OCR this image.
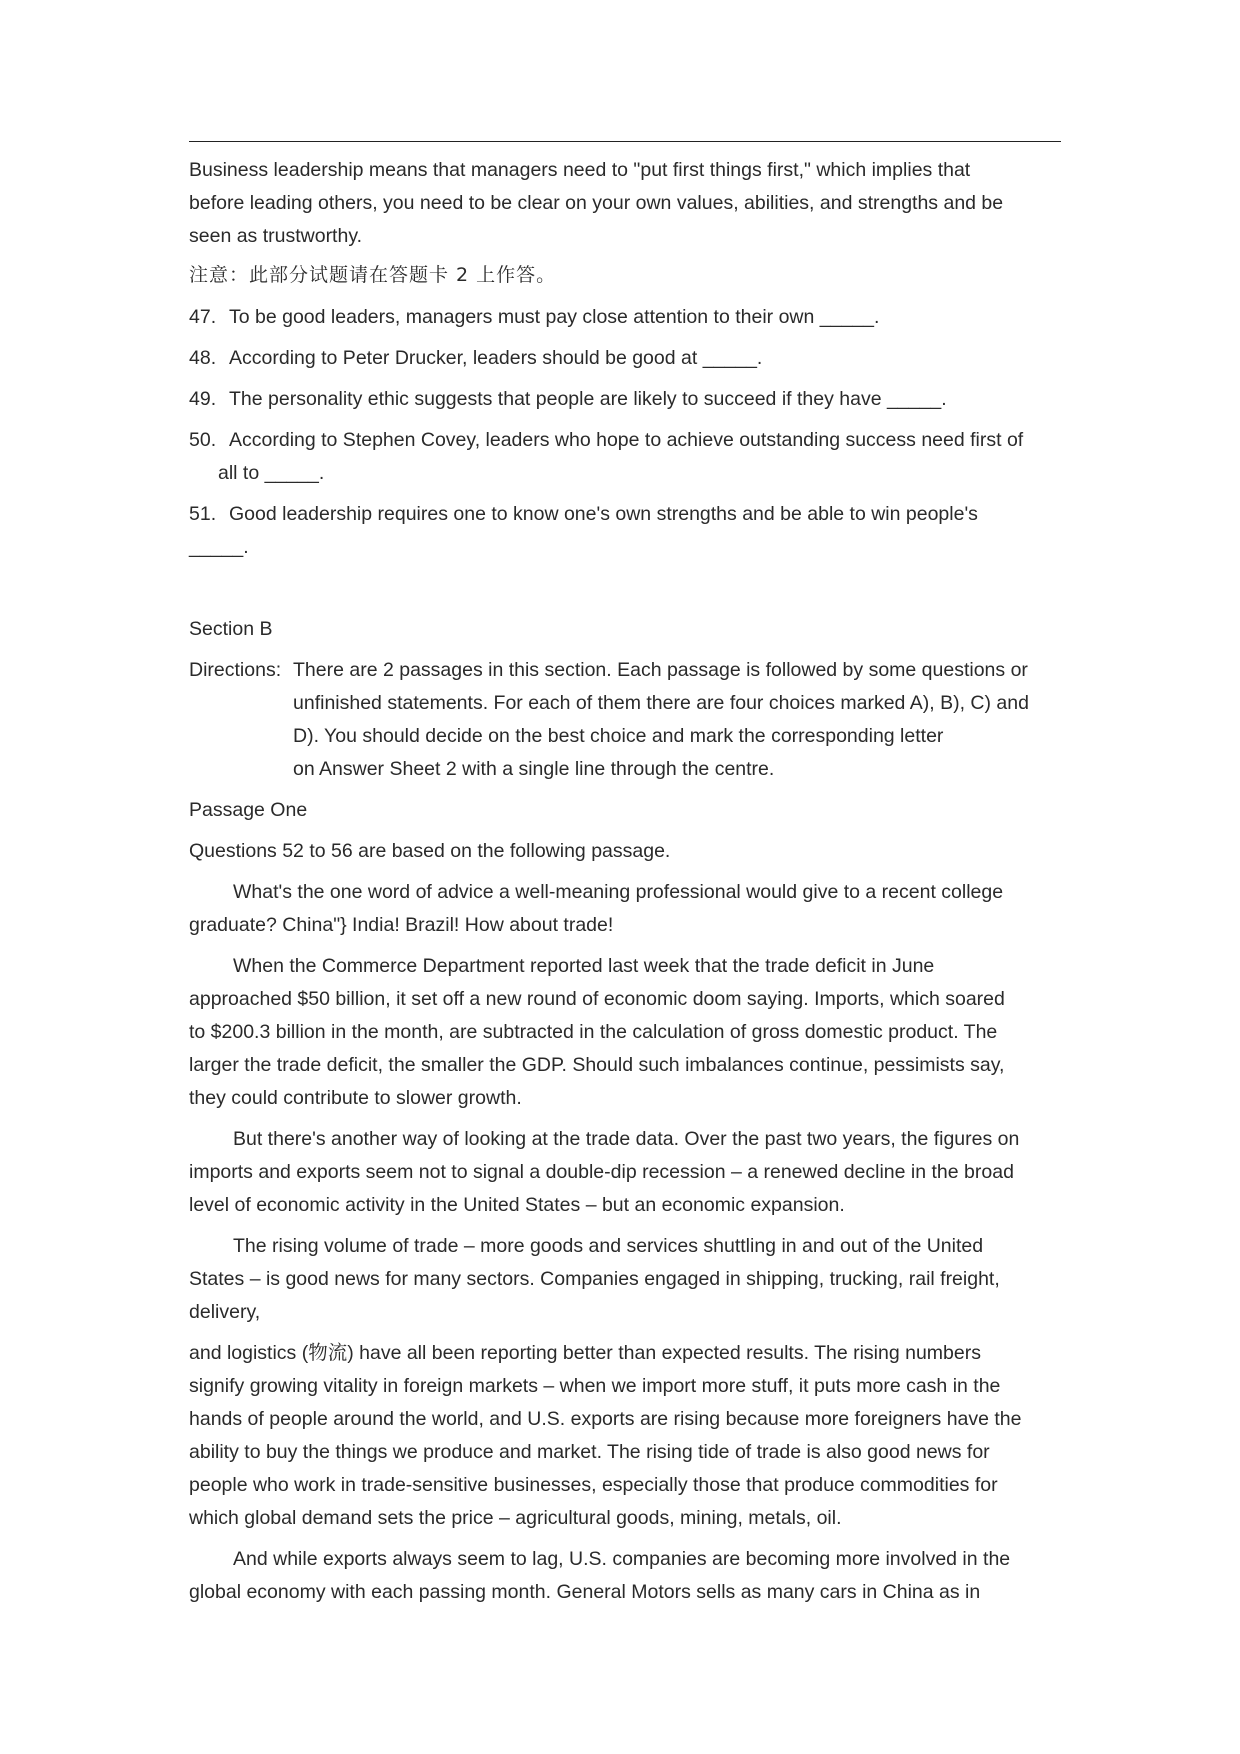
Business leadership means that managers need to "put first things first," which implies that

before leading others, you need to be clear on your own values, abilities, and strengths and be

seen as trustworthy.

注意：此部分试题请在答题卡 2 上作答。

47. To be good leaders, managers must pay close attention to their own _____.

48. According to Peter Drucker, leaders should be good at _____.

49. The personality ethic suggests that people are likely to succeed if they have _____.

50. According to Stephen Covey, leaders who hope to achieve outstanding success need first of

all to _____.

51. Good leadership requires one to know one's own strengths and be able to win people's

_____.

Section B

Directions: There are 2 passages in this section. Each passage is followed by some questions or

unfinished statements. For each of them there are four choices marked A), B), C) and

D). You should decide on the best choice and mark the corresponding letter

on Answer Sheet 2 with a single line through the centre.

Passage One

Questions 52 to 56 are based on the following passage.

What's the one word of advice a well-meaning professional would give to a recent college

graduate? China"} India! Brazil! How about trade!

When the Commerce Department reported last week that the trade deficit in June

approached $50 billion, it set off a new round of economic doom saying. Imports, which soared

to $200.3 billion in the month, are subtracted in the calculation of gross domestic product. The

larger the trade deficit, the smaller the GDP. Should such imbalances continue, pessimists say,

they could contribute to slower growth.

But there's another way of looking at the trade data. Over the past two years, the figures on

imports and exports seem not to signal a double-dip recession – a renewed decline in the broad

level of economic activity in the United States – but an economic expansion.

The rising volume of trade – more goods and services shuttling in and out of the United

States – is good news for many sectors. Companies engaged in shipping, trucking, rail freight,

delivery,

and logistics (物流) have all been reporting better than expected results. The rising numbers

signify growing vitality in foreign markets – when we import more stuff, it puts more cash in the

hands of people around the world, and U.S. exports are rising because more foreigners have the

ability to buy the things we produce and market. The rising tide of trade is also good news for

people who work in trade-sensitive businesses, especially those that produce commodities for

which global demand sets the price – agricultural goods, mining, metals, oil.

And while exports always seem to lag, U.S. companies are becoming more involved in the

global economy with each passing month. General Motors sells as many cars in China as in
